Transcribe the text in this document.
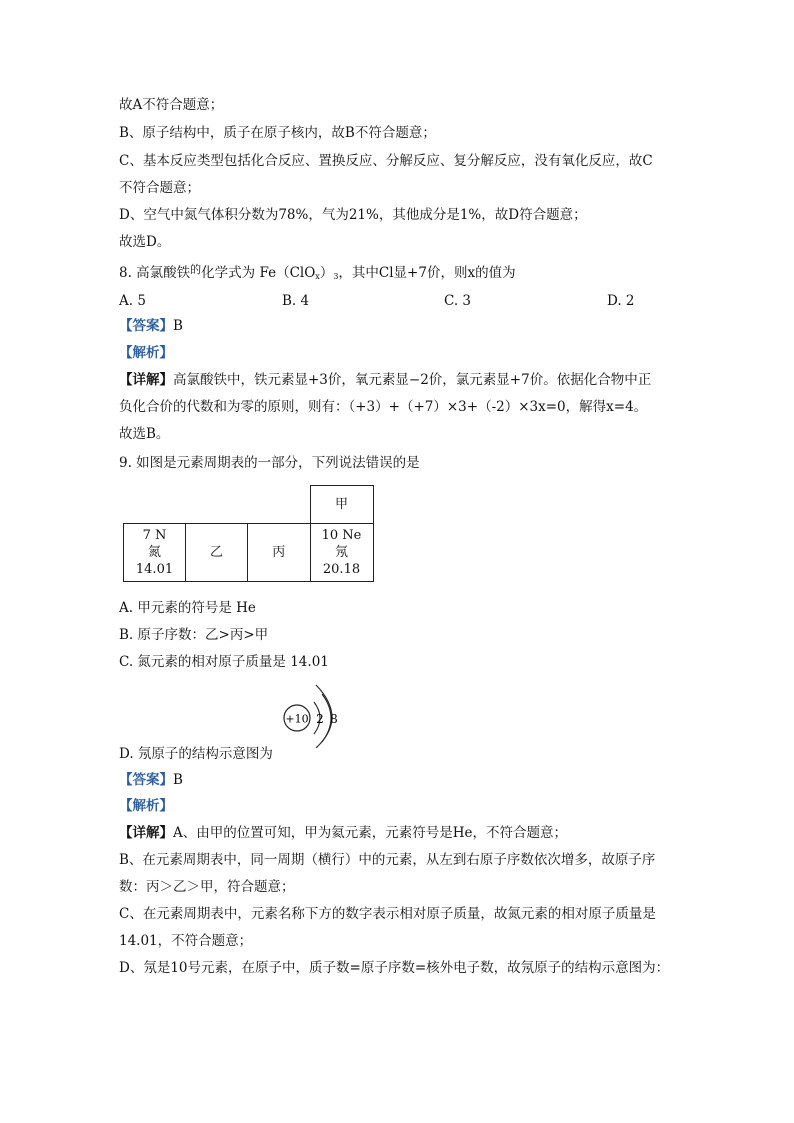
故A不符合题意；
B、原子结构中，质子在原子核内，故B不符合题意；
C、基本反应类型包括化合反应、置换反应、分解反应、复分解反应，没有氧化反应，故C
不符合题意；
D、空气中氮气体积分数为78%，气为21%，其他成分是1%，故D符合题意；
故选D。
8. 高氯酸铁$^的$化学式为 $Fe(ClO_x)_3$，其中Cl显+7价，则x的值为
A. 5	B. 4	C. 3	D. 2
【答案】B
【解析】
【详解】高氯酸铁中，铁元素显+3价，氧元素显−2价，氯元素显+7价。依据化合物中正
负化合价的代数和为零的原则，则有：（+3）+（+7）×3+（-2）×3x=0，解得x=4。
故选B。
9. 如图是元素周期表的一部分，下列说法错误的是
			甲

7 N
氮
14.01	乙	丙	10 Ne
氖
20.18
A. 甲元素的符号是 He
B. 原子序数：乙>丙>甲
C. 氮元素的相对原子质量是 14.01
+10 2 8
D. 氖原子的结构示意图为
【答案】B
【解析】
【详解】A、由甲的位置可知，甲为氦元素，元素符号是He，不符合题意；
B、在元素周期表中，同一周期（横行）中的元素，从左到右原子序数依次增多，故原子序
数：丙＞乙＞甲，符合题意；
C、在元素周期表中，元素名称下方的数字表示相对原子质量，故氮元素的相对原子质量是
14.01，不符合题意；
D、氖是10号元素，在原子中，质子数=原子序数=核外电子数，故氖原子的结构示意图为：
